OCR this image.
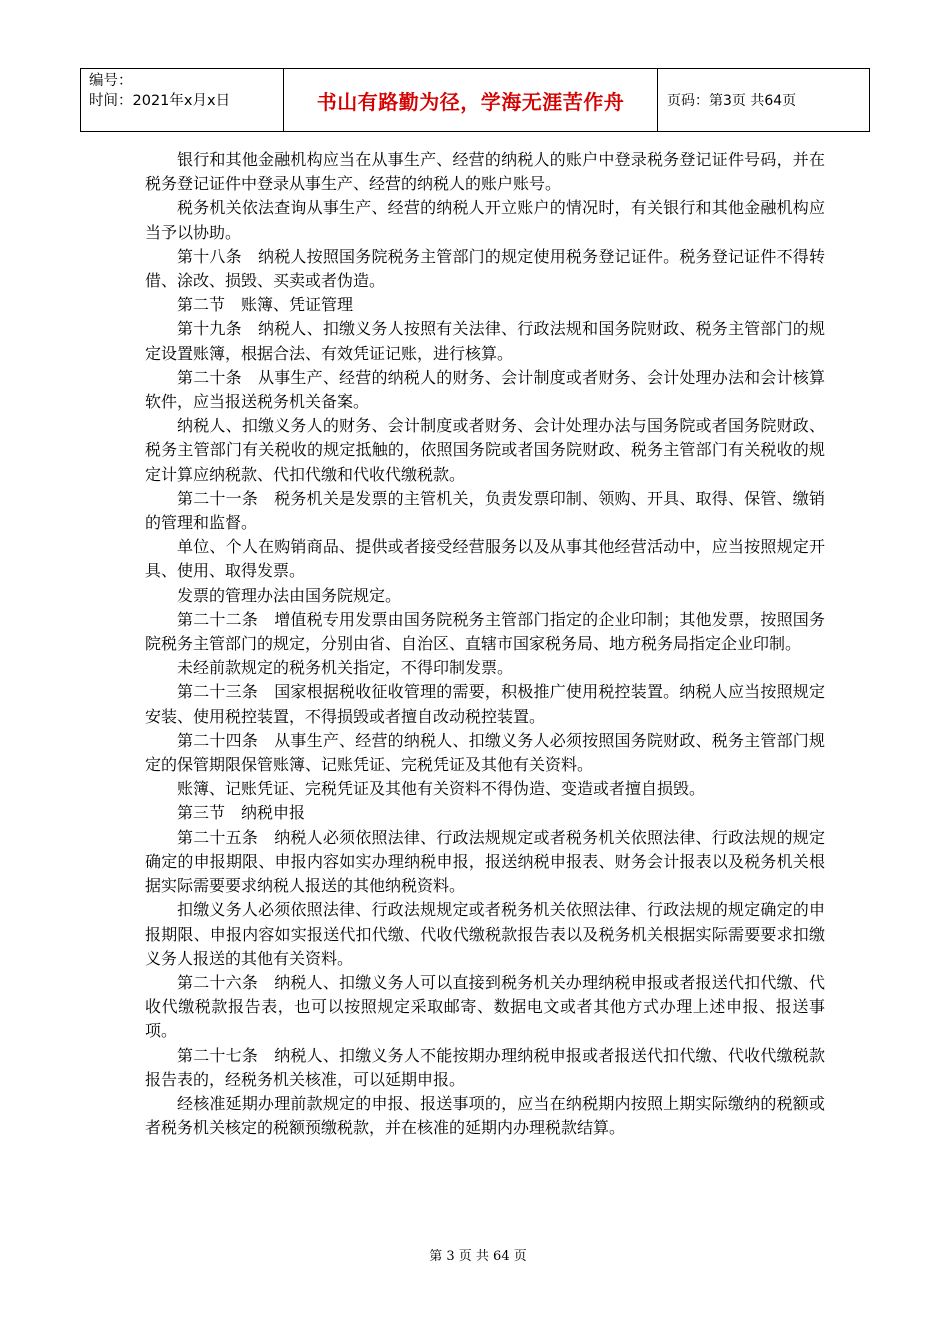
编号：
时间：2021年x月x日	书山有路勤为径，学海无涯苦作舟	页码：第3页 共64页

银行和其他金融机构应当在从事生产、经营的纳税人的账户中登录税务登记证件号码，并在税务登记证件中登录从事生产、经营的纳税人的账户账号。

税务机关依法查询从事生产、经营的纳税人开立账户的情况时，有关银行和其他金融机构应当予以协助。

第十八条　纳税人按照国务院税务主管部门的规定使用税务登记证件。税务登记证件不得转借、涂改、损毁、买卖或者伪造。

第二节　账簿、凭证管理

第十九条　纳税人、扣缴义务人按照有关法律、行政法规和国务院财政、税务主管部门的规定设置账簿，根据合法、有效凭证记账，进行核算。

第二十条　从事生产、经营的纳税人的财务、会计制度或者财务、会计处理办法和会计核算软件，应当报送税务机关备案。

纳税人、扣缴义务人的财务、会计制度或者财务、会计处理办法与国务院或者国务院财政、税务主管部门有关税收的规定抵触的，依照国务院或者国务院财政、税务主管部门有关税收的规定计算应纳税款、代扣代缴和代收代缴税款。

第二十一条　税务机关是发票的主管机关，负责发票印制、领购、开具、取得、保管、缴销的管理和监督。

单位、个人在购销商品、提供或者接受经营服务以及从事其他经营活动中，应当按照规定开具、使用、取得发票。

发票的管理办法由国务院规定。

第二十二条　增值税专用发票由国务院税务主管部门指定的企业印制；其他发票，按照国务院税务主管部门的规定，分别由省、自治区、直辖市国家税务局、地方税务局指定企业印制。

未经前款规定的税务机关指定，不得印制发票。

第二十三条　国家根据税收征收管理的需要，积极推广使用税控装置。纳税人应当按照规定安装、使用税控装置，不得损毁或者擅自改动税控装置。

第二十四条　从事生产、经营的纳税人、扣缴义务人必须按照国务院财政、税务主管部门规定的保管期限保管账簿、记账凭证、完税凭证及其他有关资料。

账簿、记账凭证、完税凭证及其他有关资料不得伪造、变造或者擅自损毁。

第三节　纳税申报

第二十五条　纳税人必须依照法律、行政法规规定或者税务机关依照法律、行政法规的规定确定的申报期限、申报内容如实办理纳税申报，报送纳税申报表、财务会计报表以及税务机关根据实际需要要求纳税人报送的其他纳税资料。

扣缴义务人必须依照法律、行政法规规定或者税务机关依照法律、行政法规的规定确定的申报期限、申报内容如实报送代扣代缴、代收代缴税款报告表以及税务机关根据实际需要要求扣缴义务人报送的其他有关资料。

第二十六条　纳税人、扣缴义务人可以直接到税务机关办理纳税申报或者报送代扣代缴、代收代缴税款报告表，也可以按照规定采取邮寄、数据电文或者其他方式办理上述申报、报送事项。

第二十七条　纳税人、扣缴义务人不能按期办理纳税申报或者报送代扣代缴、代收代缴税款报告表的，经税务机关核准，可以延期申报。

经核准延期办理前款规定的申报、报送事项的，应当在纳税期内按照上期实际缴纳的税额或者税务机关核定的税额预缴税款，并在核准的延期内办理税款结算。

第 3 页 共 64 页
